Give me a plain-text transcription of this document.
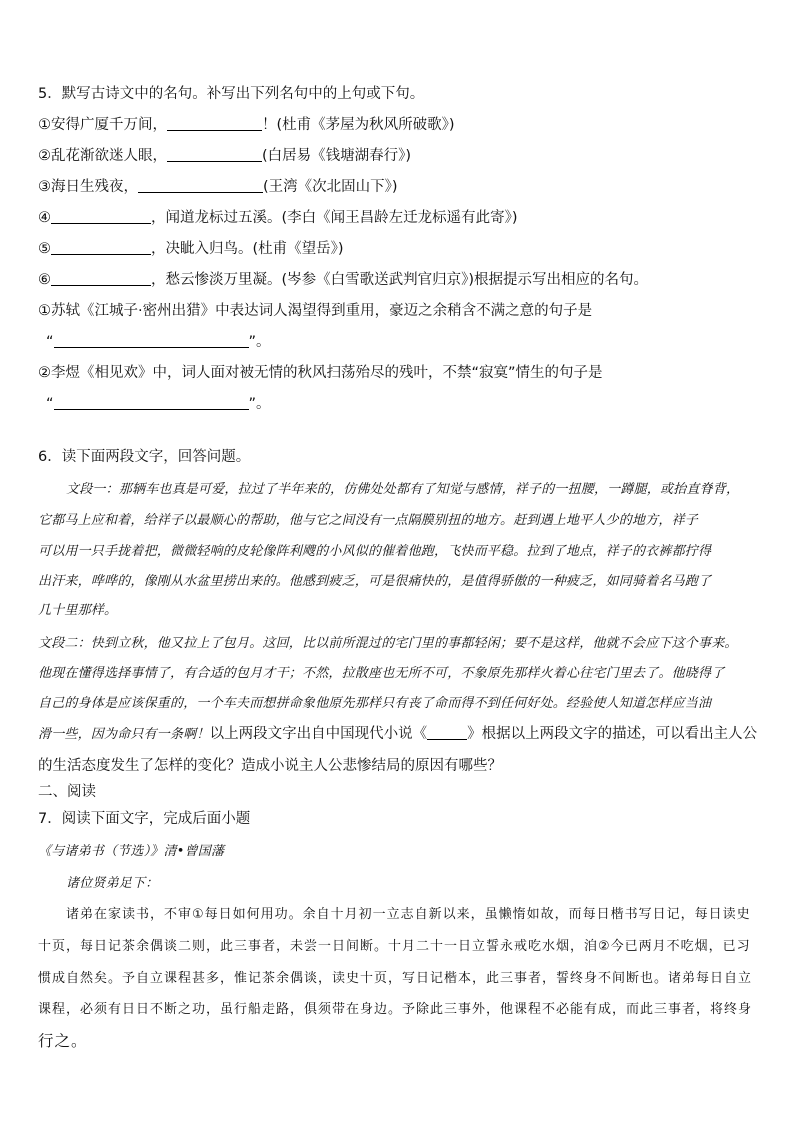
5．默写古诗文中的名句。补写出下列名句中的上句或下句。
①安得广厦千万间，	！(杜甫《茅屋为秋风所破歌》)
②乱花渐欲迷人眼，	(白居易《钱塘湖春行》)
③海日生残夜，	(王湾《次北固山下》)
④	，闻道龙标过五溪。(李白《闻王昌龄左迁龙标遥有此寄》)
⑤	，决眦入归鸟。(杜甫《望岳》)
⑥	，愁云惨淡万里凝。(岑参《白雪歌送武判官归京》)根据提示写出相应的名句。
①苏轼《江城子·密州出猎》中表达词人渴望得到重用，豪迈之余稍含不满之意的句子是
“	”。
②李煜《相见欢》中，词人面对被无情的秋风扫荡殆尽的残叶，不禁“寂寞”情生的句子是
“	”。
6．读下面两段文字，回答问题。
文段一：那辆车也真是可爱，拉过了半年来的，仿佛处处都有了知觉与感情，祥子的一扭腰，一蹲腿，或抬直脊背，
它都马上应和着，给祥子以最顺心的帮助，他与它之间没有一点隔膜别扭的地方。赶到遇上地平人少的地方，祥子
可以用一只手拢着把，微微轻响的皮轮像阵利飕的小风似的催着他跑，飞快而平稳。拉到了地点，祥子的衣裤都拧得
出汗来，哗哗的，像刚从水盆里捞出来的。他感到疲乏，可是很痛快的，是值得骄傲的一种疲乏，如同骑着名马跑了
几十里那样。
文段二：快到立秋，他又拉上了包月。这回，比以前所混过的宅门里的事都轻闲；要不是这样，他就不会应下这个事来。
他现在懂得选择事情了，有合适的包月才干；不然，拉散座也无所不可，不象原先那样火着心往宅门里去了。他晓得了
自己的身体是应该保重的，一个车夫而想拼命象他原先那样只有丧了命而得不到任何好处。经验使人知道怎样应当油
滑一些，因为命只有一条啊！以上两段文字出自中国现代小说《	》根据以上两段文字的描述，可以看出主人公
的生活态度发生了怎样的变化？造成小说主人公悲惨结局的原因有哪些？
二、阅读
7．阅读下面文字，完成后面小题
《与诸弟书（节选）》清•曾国藩
诸位贤弟足下：
诸弟在家读书，不审①每日如何用功。余自十月初一立志自新以来，虽懒惰如故，而每日楷书写日记，每日读史
十页，每日记茶余偶谈二则，此三事者，未尝一日间断。十月二十一日立誓永戒吃水烟，洎②今已两月不吃烟，已习
惯成自然矣。予自立课程甚多，惟记茶余偶谈，读史十页，写日记楷本，此三事者，誓终身不间断也。诸弟每日自立
课程，必须有日日不断之功，虽行船走路，俱须带在身边。予除此三事外，他课程不必能有成，而此三事者，将终身
行之。
